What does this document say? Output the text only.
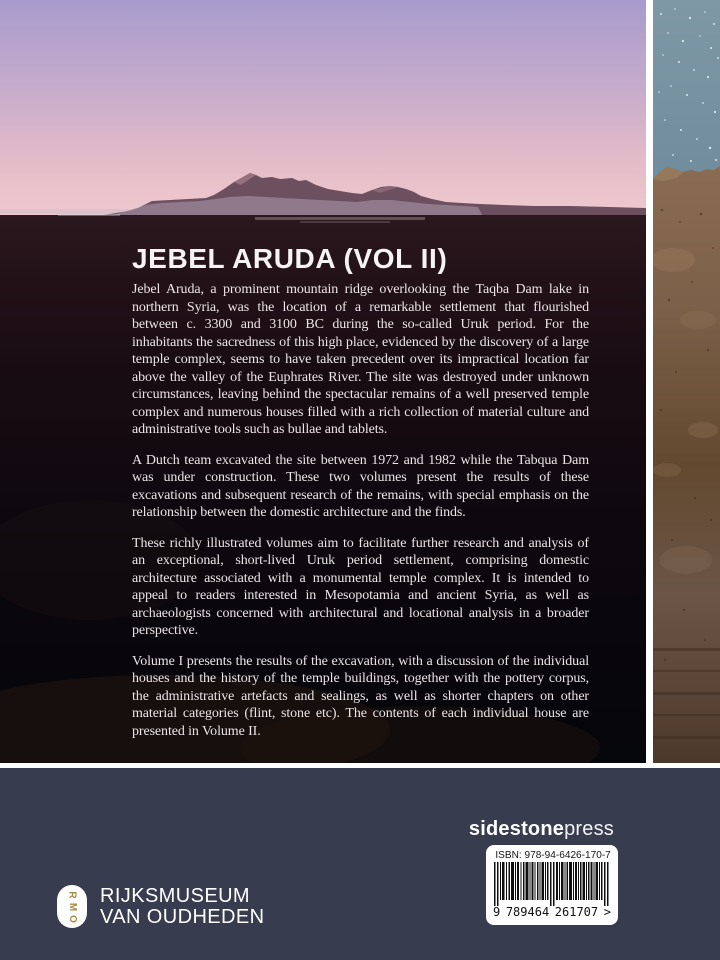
JEBEL ARUDA (VOL II)

Jebel Aruda, a prominent mountain ridge overlooking the Taqba Dam lake in northern Syria, was the location of a remarkable settlement that flourished between c. 3300 and 3100 BC during the so-called Uruk period. For the inhabitants the sacredness of this high place, evidenced by the discovery of a large temple complex, seems to have taken precedent over its impractical location far above the valley of the Euphrates River. The site was destroyed under unknown circumstances, leaving behind the spectacular remains of a well preserved temple complex and numerous houses filled with a rich collection of material culture and administrative tools such as bullae and tablets.

A Dutch team excavated the site between 1972 and 1982 while the Tabqua Dam was under construction. These two volumes present the results of these excavations and subsequent research of the remains, with special emphasis on the relationship between the domestic architecture and the finds.

These richly illustrated volumes aim to facilitate further research and analysis of an exceptional, short-lived Uruk period settlement, comprising domestic architecture associated with a monumental temple complex. It is intended to appeal to readers interested in Mesopotamia and ancient Syria, as well as archaeologists concerned with architectural and locational analysis in a broader perspective.

Volume I presents the results of the excavation, with a discussion of the individual houses and the history of the temple buildings, together with the pottery corpus, the administrative artefacts and sealings, as well as shorter chapters on other material categories (flint, stone etc). The contents of each individual house are presented in Volume II.

sidestonepress
ISBN: 978-94-6426-170-7
9 789464 261707 >
R
M
O
RIJKSMUSEUM
VAN OUDHEDEN
